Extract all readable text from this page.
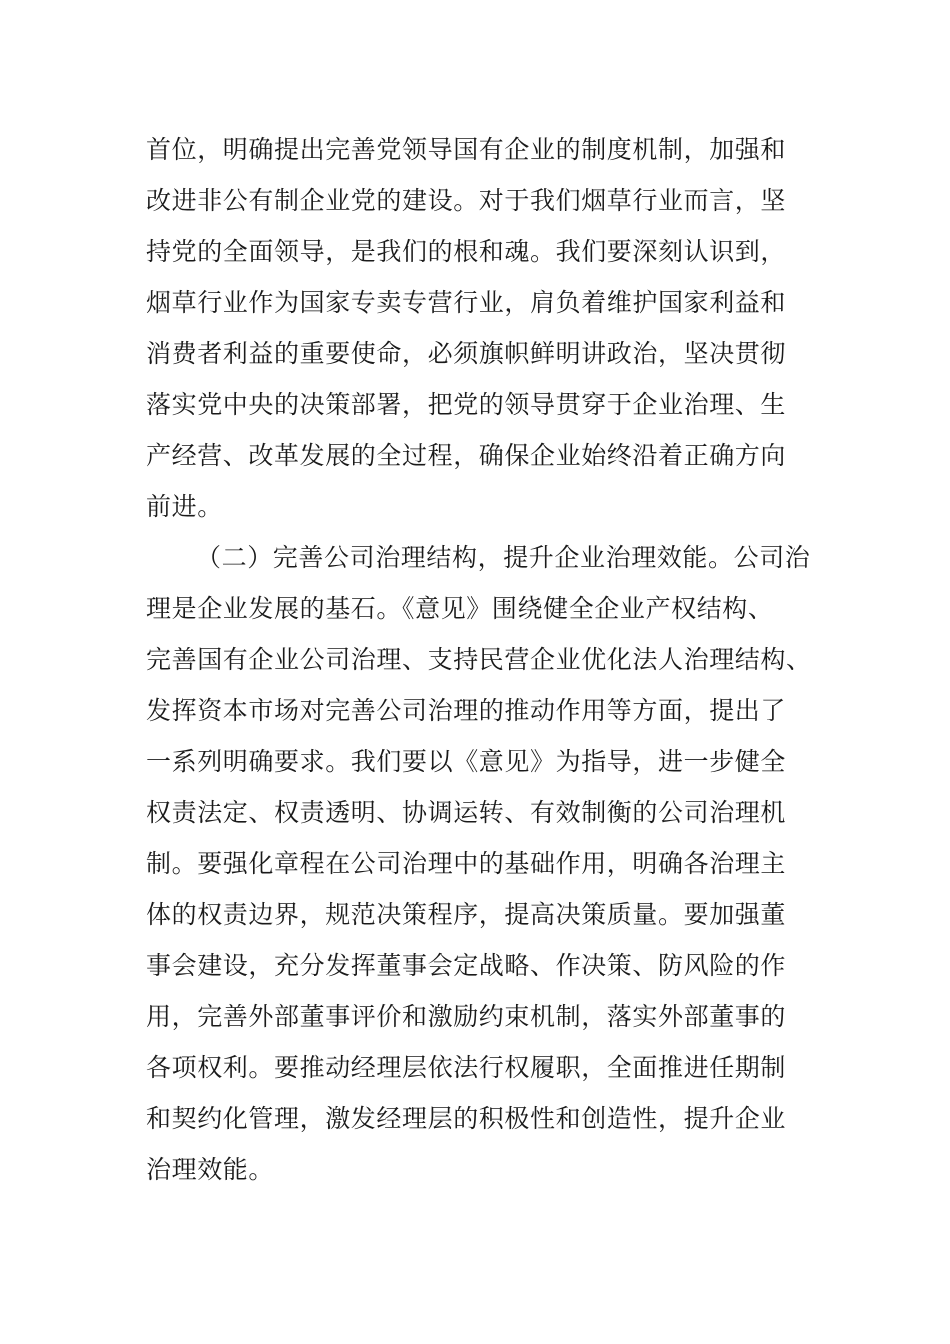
首位，明确提出完善党领导国有企业的制度机制，加强和
改进非公有制企业党的建设。对于我们烟草行业而言，坚
持党的全面领导，是我们的根和魂。我们要深刻认识到，
烟草行业作为国家专卖专营行业，肩负着维护国家利益和
消费者利益的重要使命，必须旗帜鲜明讲政治，坚决贯彻
落实党中央的决策部署，把党的领导贯穿于企业治理、生
产经营、改革发展的全过程，确保企业始终沿着正确方向
前进。
（二）完善公司治理结构，提升企业治理效能。公司治
理是企业发展的基石。《意见》围绕健全企业产权结构、
完善国有企业公司治理、支持民营企业优化法人治理结构、
发挥资本市场对完善公司治理的推动作用等方面，提出了
一系列明确要求。我们要以《意见》为指导，进一步健全
权责法定、权责透明、协调运转、有效制衡的公司治理机
制。要强化章程在公司治理中的基础作用，明确各治理主
体的权责边界，规范决策程序，提高决策质量。要加强董
事会建设，充分发挥董事会定战略、作决策、防风险的作
用，完善外部董事评价和激励约束机制，落实外部董事的
各项权利。要推动经理层依法行权履职，全面推进任期制
和契约化管理，激发经理层的积极性和创造性，提升企业
治理效能。
